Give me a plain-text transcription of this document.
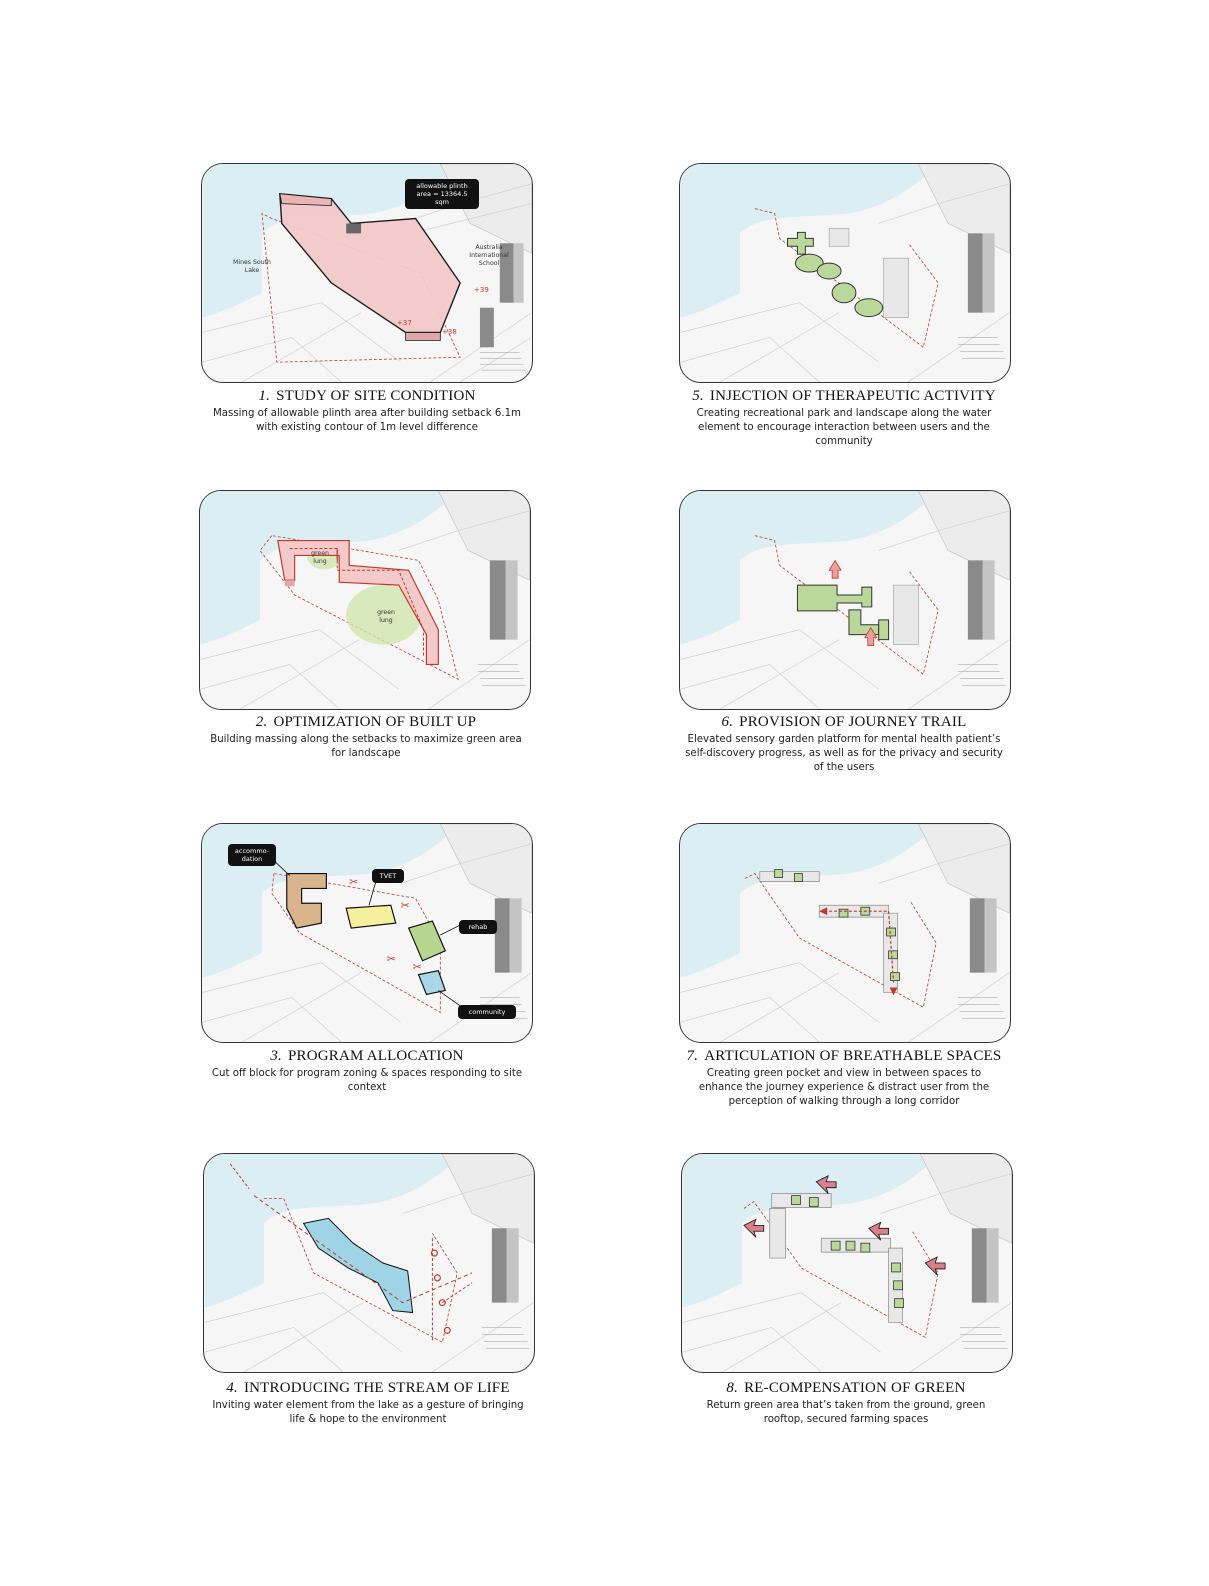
allowable plinth area = 13364.5 sqm
Mines South Lake
Australia International School
+39
+37
+38
1. STUDY OF SITE CONDITION
Massing of allowable plinth area after building setback 6.1m with existing contour of 1m level difference
green lung
green lung
2. OPTIMIZATION OF BUILT UP
Building massing along the setbacks to maximize green area for landscape
✂
✂
✂
✂
accommo-dation
TVET
rehab
community
3. PROGRAM ALLOCATION
Cut off block for program zoning & spaces responding to site context
4. INTRODUCING THE STREAM OF LIFE
Inviting water element from the lake as a gesture of bringing life & hope to the environment
5. INJECTION OF THERAPEUTIC ACTIVITY
Creating recreational park and landscape along the water element to encourage interaction between users and the community
6. PROVISION OF JOURNEY TRAIL
Elevated sensory garden platform for mental health patient’s self-discovery progress, as well as for the privacy and security of the users
7. ARTICULATION OF BREATHABLE SPACES
Creating green pocket and view in between spaces to enhance the journey experience & distract user from the perception of walking through a long corridor
8. RE-COMPENSATION OF GREEN
Return green area that’s taken from the ground, green rooftop, secured farming spaces
